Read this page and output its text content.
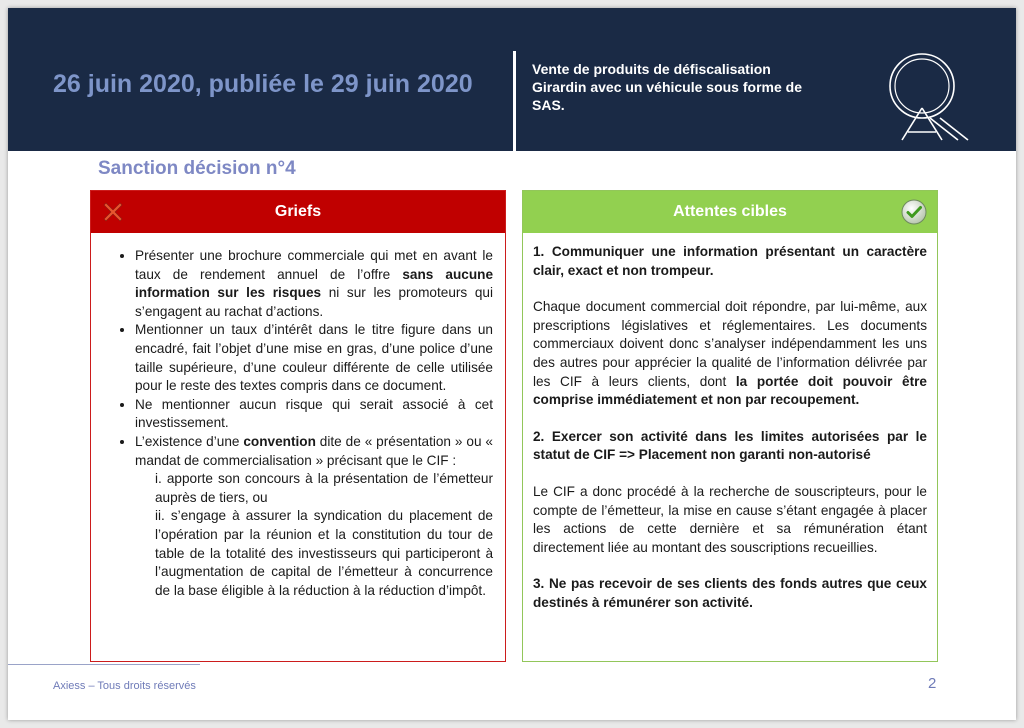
26 juin 2020, publiée le 29 juin 2020
Vente de produits de défiscalisation Girardin avec un véhicule sous forme de SAS.
Sanction décision n°4
Griefs
• Présenter une brochure commerciale qui met en avant le taux de rendement annuel de l’offre sans aucune information sur les risques ni sur les promoteurs qui s’engagent au rachat d’actions.
• Mentionner un taux d’intérêt dans le titre figure dans un encadré, fait l’objet d’une mise en gras, d’une police d’une taille supérieure, d’une couleur différente de celle utilisée pour le reste des textes compris dans ce document.
• Ne mentionner aucun risque qui serait associé à cet investissement.
• L’existence d’une convention dite de « présentation » ou « mandat de commercialisation » précisant que le CIF :
i. apporte son concours à la présentation de l’émetteur auprès de tiers, ou
ii. s’engage à assurer la syndication du placement de l’opération par la réunion et la constitution du tour de table de la totalité des investisseurs qui participeront à l’augmentation de capital de l’émetteur à concurrence de la base éligible à la réduction à la réduction d’impôt.
Attentes cibles

1. Communiquer une information présentant un caractère clair, exact et non trompeur.

Chaque document commercial doit répondre, par lui-même, aux prescriptions législatives et réglementaires. Les documents commerciaux doivent donc s’analyser indépendamment les uns des autres pour apprécier la qualité de l’information délivrée par les CIF à leurs clients, dont la portée doit pouvoir être comprise immédiatement et non par recoupement.

2. Exercer son activité dans les limites autorisées par le statut de CIF => Placement non garanti non-autorisé

Le CIF a donc procédé à la recherche de souscripteurs, pour le compte de l’émetteur, la mise en cause s’étant engagée à placer les actions de cette dernière et sa rémunération étant directement liée au montant des souscriptions recueillies.

3. Ne pas recevoir de ses clients des fonds autres que ceux destinés à rémunérer son activité.

Axiess – Tous droits réservés	2
